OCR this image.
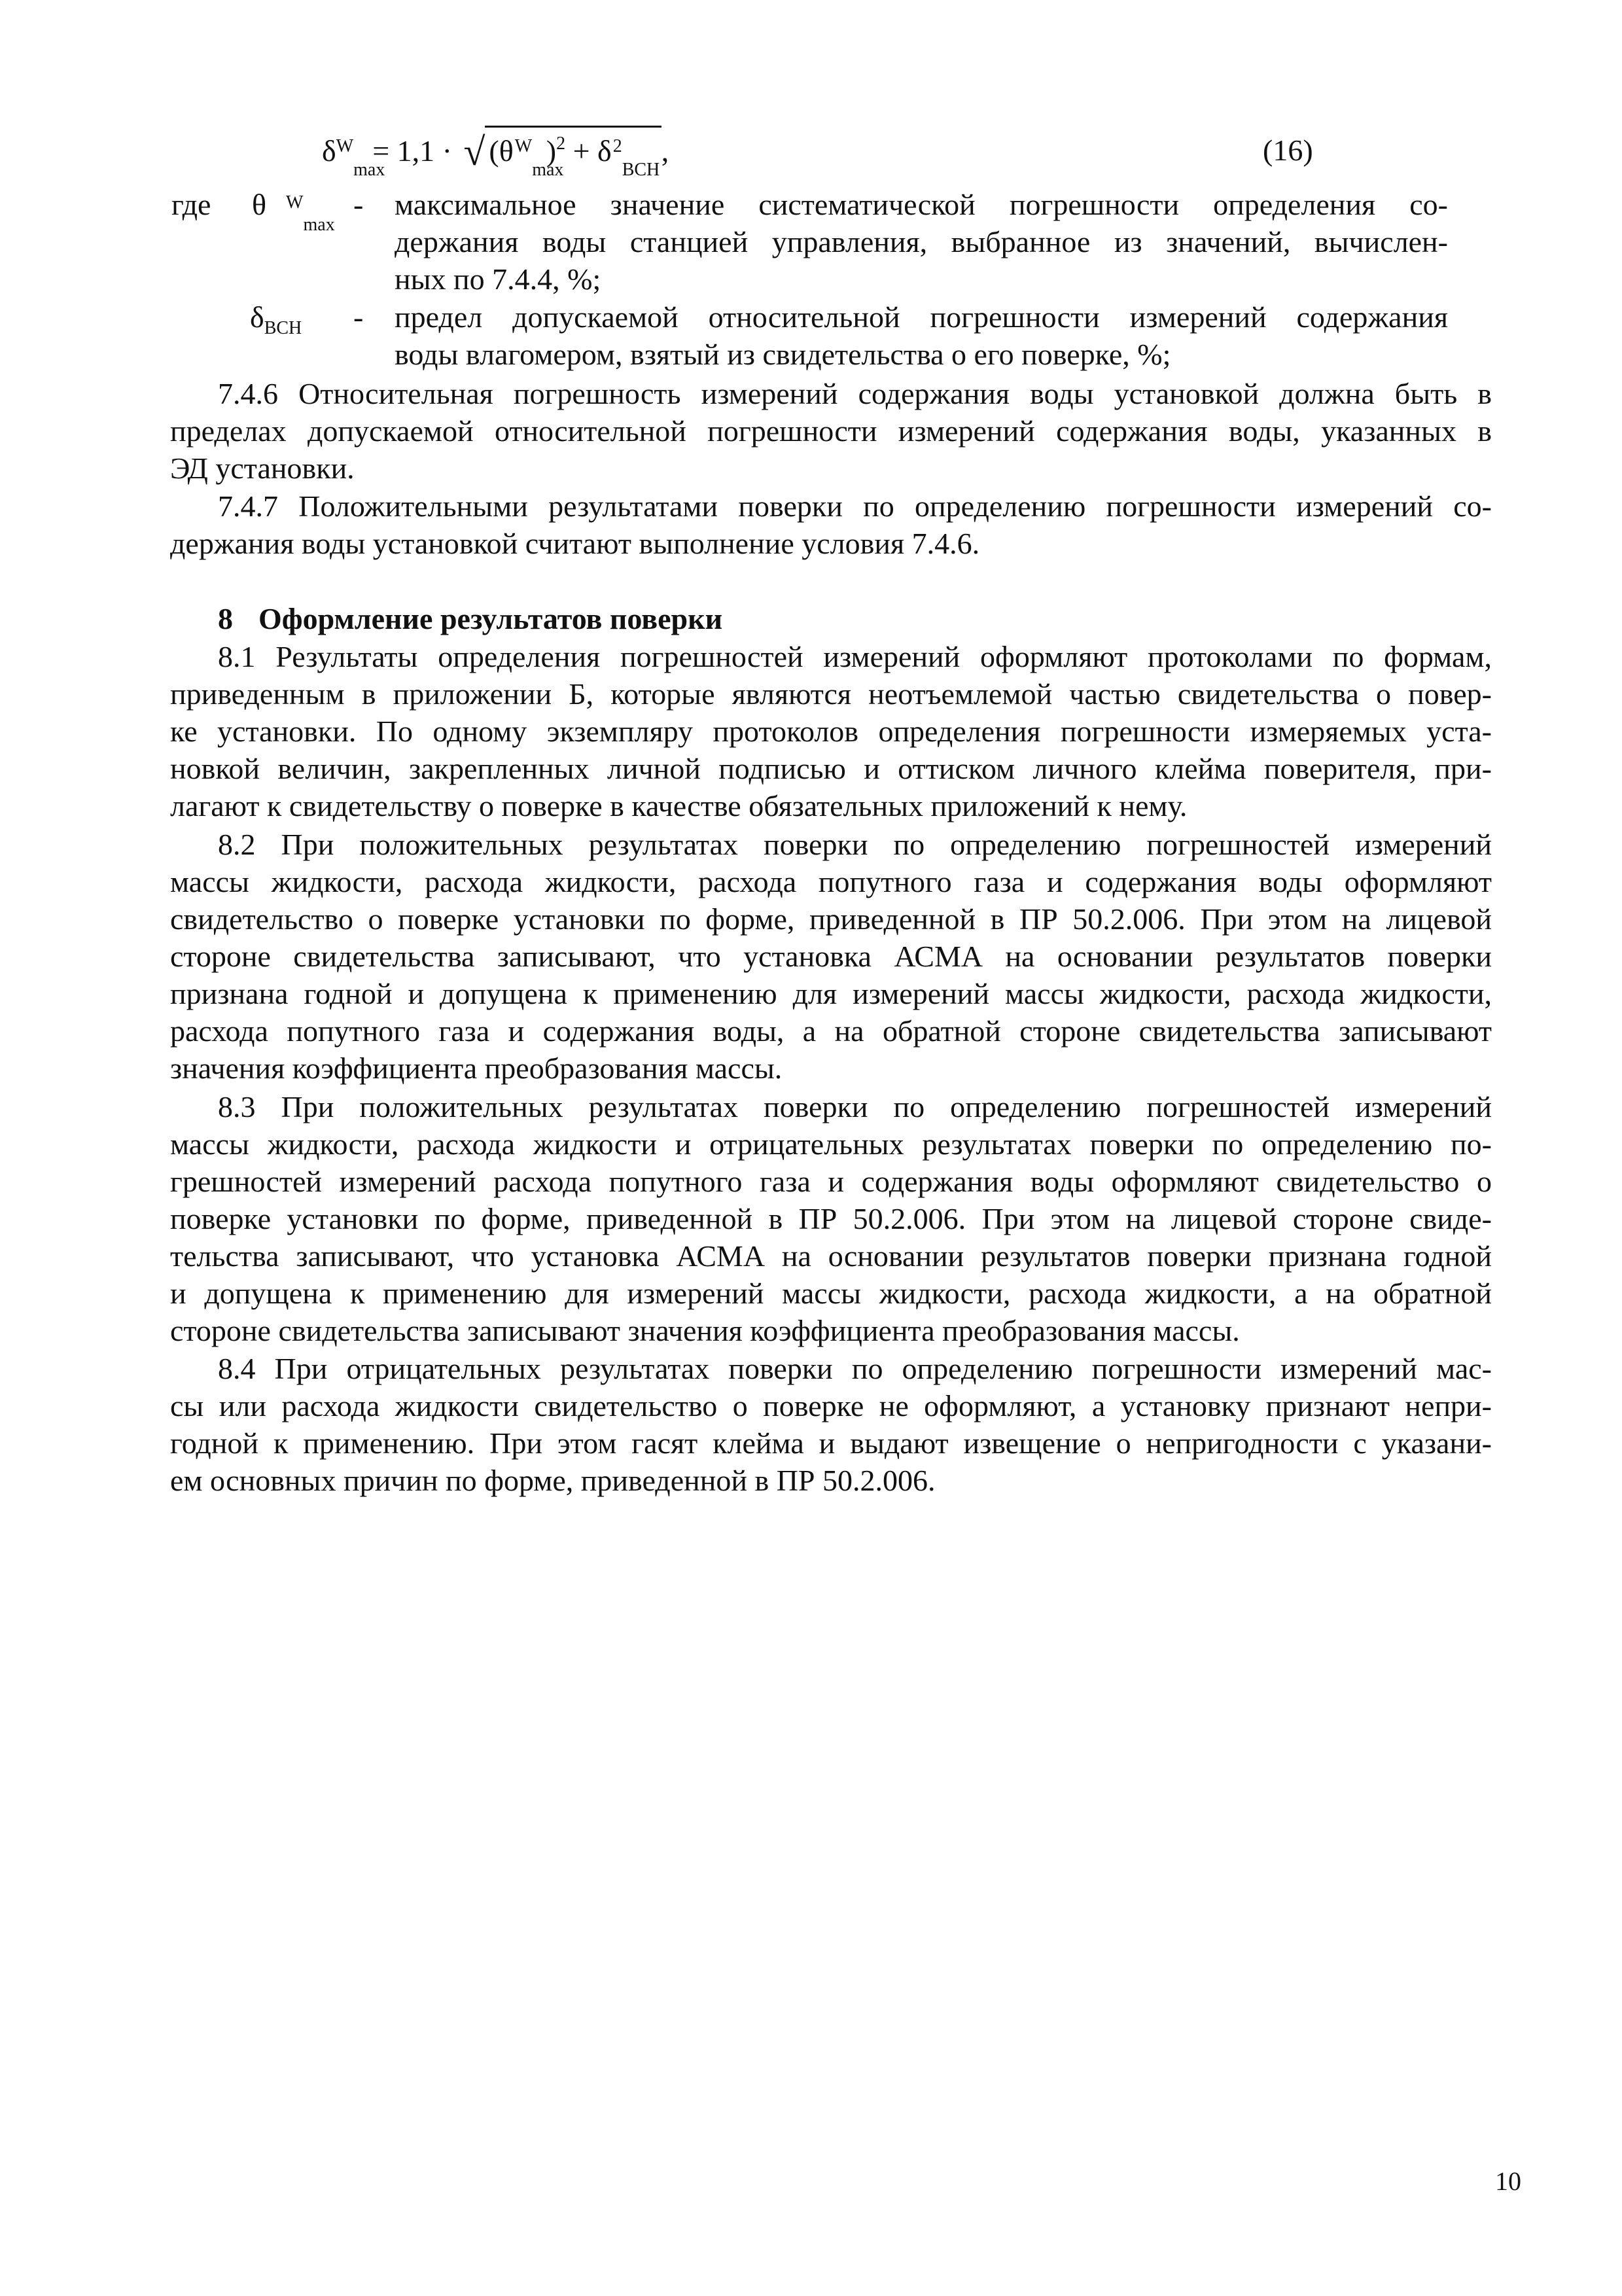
$\delta^W_{max} = 1,1$ · √ ($\theta^W_{max}$ )$^2 + \delta^2_{ВСН}$ ,	(16)
где θ $^W_{max}$
- максимальное значение систематической погрешности определения со-
держания воды станцией управления, выбранное из значений, вычислен-
ных по 7.4.4, %;
$\delta_{ВСН}$	- предел допускаемой относительной погрешности измерений содержания
воды влагомером, взятый из свидетельства о его поверке, %;
7.4.6 Относительная погрешность измерений содержания воды установкой должна быть в
пределах допускаемой относительной погрешности измерений содержания воды, указанных в
ЭД установки.
7.4.7 Положительными результатами поверки по определению погрешности измерений со-
держания воды установкой считают выполнение условия 7.4.6.
8 Оформление результатов поверки
8.1 Результаты определения погрешностей измерений оформляют протоколами по формам,
приведенным в приложении Б, которые являются неотъемлемой частью свидетельства о повер-
ке установки. По одному экземпляру протоколов определения погрешности измеряемых уста-
новкой величин, закрепленных личной подписью и оттиском личного клейма поверителя, при-
лагают к свидетельству о поверке в качестве обязательных приложений к нему.
8.2 При положительных результатах поверки по определению погрешностей измерений
массы жидкости, расхода жидкости, расхода попутного газа и содержания воды оформляют
свидетельство о поверке установки по форме, приведенной в ПР 50.2.006. При этом на лицевой
стороне свидетельства записывают, что установка АСМА на основании результатов поверки
признана годной и допущена к применению для измерений массы жидкости, расхода жидкости,
расхода попутного газа и содержания воды, а на обратной стороне свидетельства записывают
значения коэффициента преобразования массы.
8.3 При положительных результатах поверки по определению погрешностей измерений
массы жидкости, расхода жидкости и отрицательных результатах поверки по определению по-
грешностей измерений расхода попутного газа и содержания воды оформляют свидетельство о
поверке установки по форме, приведенной в ПР 50.2.006. При этом на лицевой стороне свиде-
тельства записывают, что установка АСМА на основании результатов поверки признана годной
и допущена к применению для измерений массы жидкости, расхода жидкости, а на обратной
стороне свидетельства записывают значения коэффициента преобразования массы.
8.4 При отрицательных результатах поверки по определению погрешности измерений мас-
сы или расхода жидкости свидетельство о поверке не оформляют, а установку признают непри-
годной к применению. При этом гасят клейма и выдают извещение о непригодности с указани-
ем основных причин по форме, приведенной в ПР 50.2.006.
10
